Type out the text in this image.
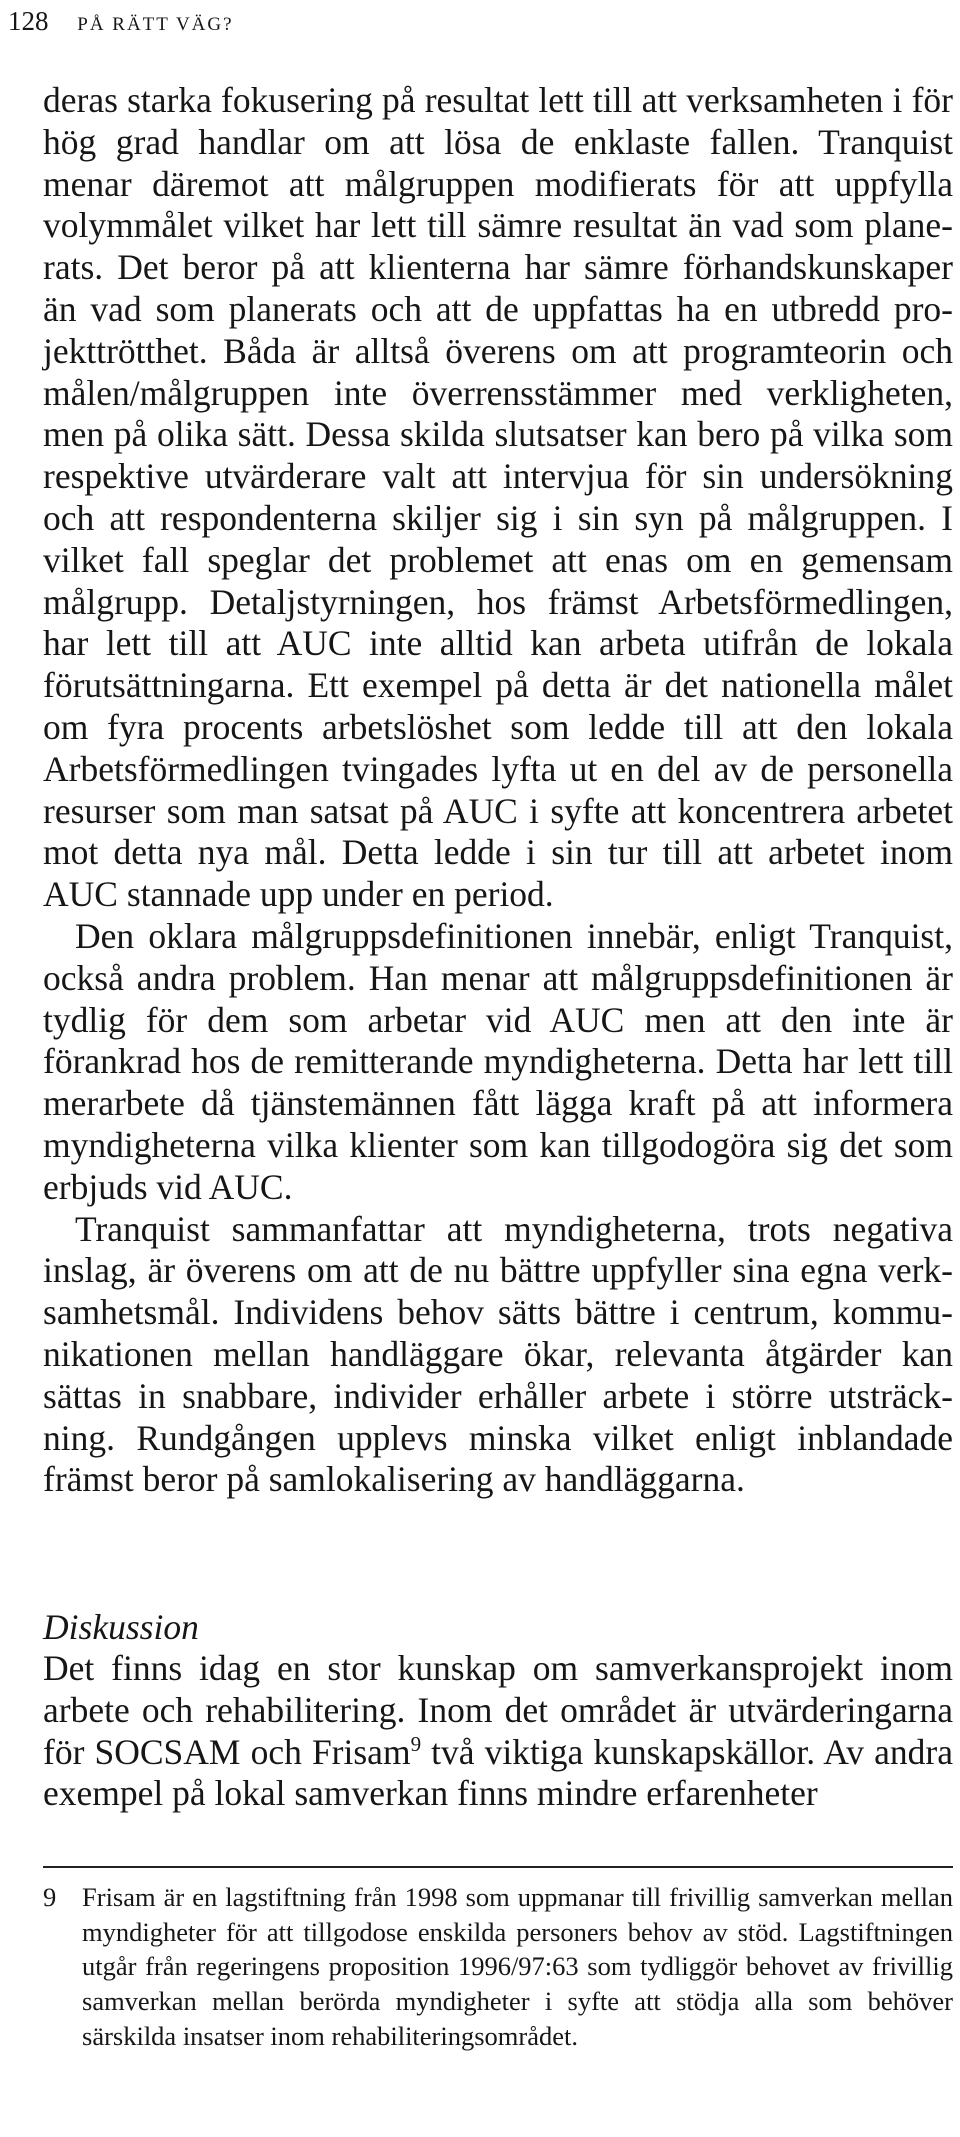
128 PÅ RÄTT VÄG?

deras starka fokusering på resultat lett till att verksamheten i för hög grad handlar om att lösa de enklaste fallen. Tranquist menar däremot att målgruppen modifierats för att uppfylla volymmålet vilket har lett till sämre resultat än vad som planerats. Det beror på att klienterna har sämre förhandskunskaper än vad som planerats och att de uppfattas ha en utbredd projekttrötthet. Båda är alltså överens om att programteorin och målen/målgruppen inte överrensstämmer med verkligheten, men på olika sätt. Dessa skilda slutsatser kan bero på vilka som respektive utvärderare valt att intervjua för sin undersökning och att respondenterna skiljer sig i sin syn på målgruppen. I vilket fall speglar det problemet att enas om en gemensam målgrupp. Detaljstyrningen, hos främst Arbetsförmedlingen, har lett till att AUC inte alltid kan arbeta utifrån de lokala förutsättningarna. Ett exempel på detta är det nationella målet om fyra procents arbetslöshet som ledde till att den lokala Arbetsförmedlingen tvingades lyfta ut en del av de personella resurser som man satsat på AUC i syfte att koncentrera arbetet mot detta nya mål. Detta ledde i sin tur till att arbetet inom AUC stannade upp under en period.

Den oklara målgruppsdefinitionen innebär, enligt Tranquist, också andra problem. Han menar att målgruppsdefinitionen är tydlig för dem som arbetar vid AUC men att den inte är förankrad hos de remitterande myndigheterna. Detta har lett till merarbete då tjänstemännen fått lägga kraft på att informera myndigheterna vilka klienter som kan tillgodogöra sig det som erbjuds vid AUC.

Tranquist sammanfattar att myndigheterna, trots negativa inslag, är överens om att de nu bättre uppfyller sina egna verksamhetsmål. Individens behov sätts bättre i centrum, kommunikationen mellan handläggare ökar, relevanta åtgärder kan sättas in snabbare, individer erhåller arbete i större utsträckning. Rundgången upplevs minska vilket enligt inblandade främst beror på samlokalisering av handläggarna.

Diskussion

Det finns idag en stor kunskap om samverkansprojekt inom arbete och rehabilitering. Inom det området är utvärderingarna för SOCSAM och Frisam$^9$ två viktiga kunskapskällor. Av andra exempel på lokal samverkan finns mindre erfarenheter

9 Frisam är en lagstiftning från 1998 som uppmanar till frivillig samverkan mellan myndigheter för att tillgodose enskilda personers behov av stöd. Lagstiftningen utgår från regeringens proposition 1996/97:63 som tydliggör behovet av frivillig samverkan mellan berörda myndigheter i syfte att stödja alla som behöver särskilda insatser inom rehabiliteringsområdet.
